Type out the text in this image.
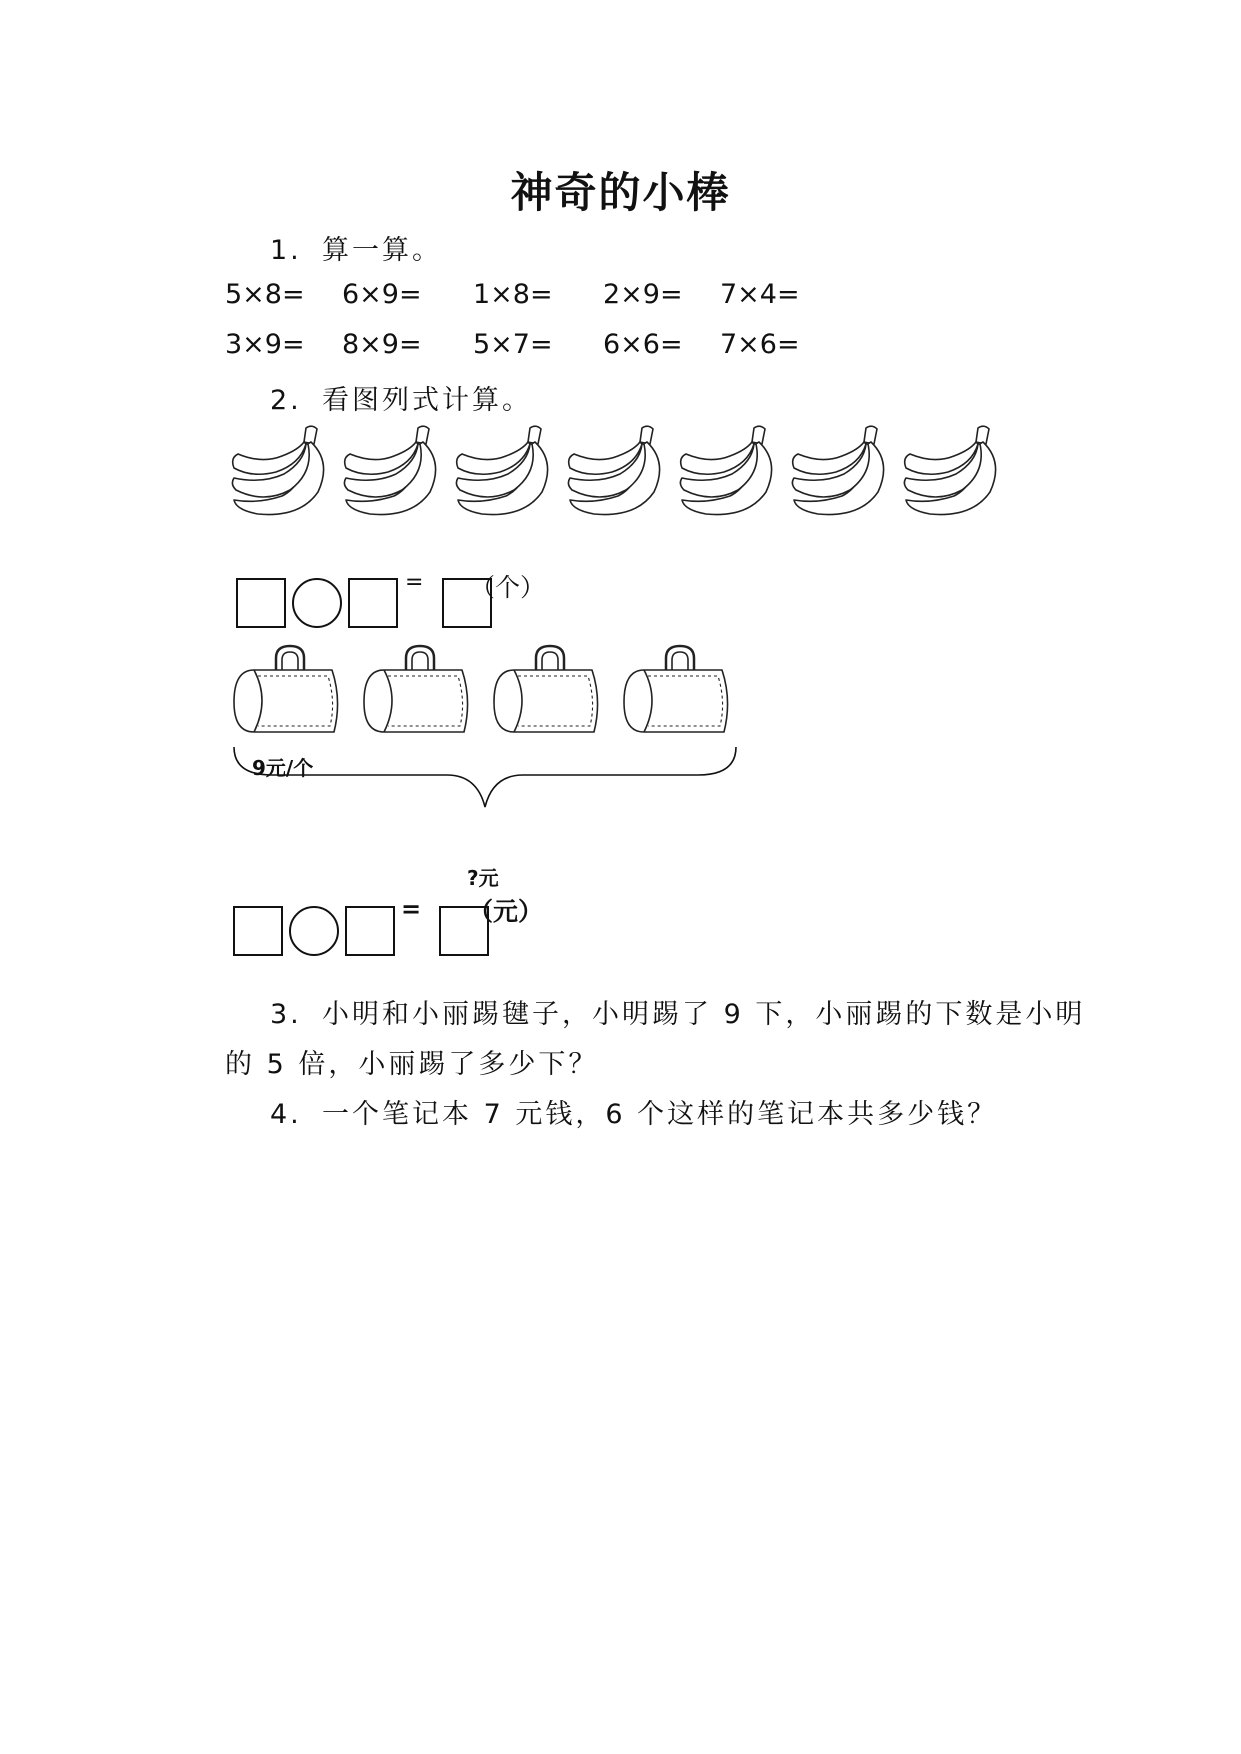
神奇的小棒
1. 算一算。
5×8= 6×9= 1×8= 2×9= 7×4=
3×9= 8×9= 5×7= 6×6= 7×6=
2. 看图列式计算。
= （个）
9元/个
?元
= （元）
3. 小明和小丽踢毽子，小明踢了 9 下，小丽踢的下数是小明
的 5 倍，小丽踢了多少下？
4. 一个笔记本 7 元钱，6 个这样的笔记本共多少钱？
